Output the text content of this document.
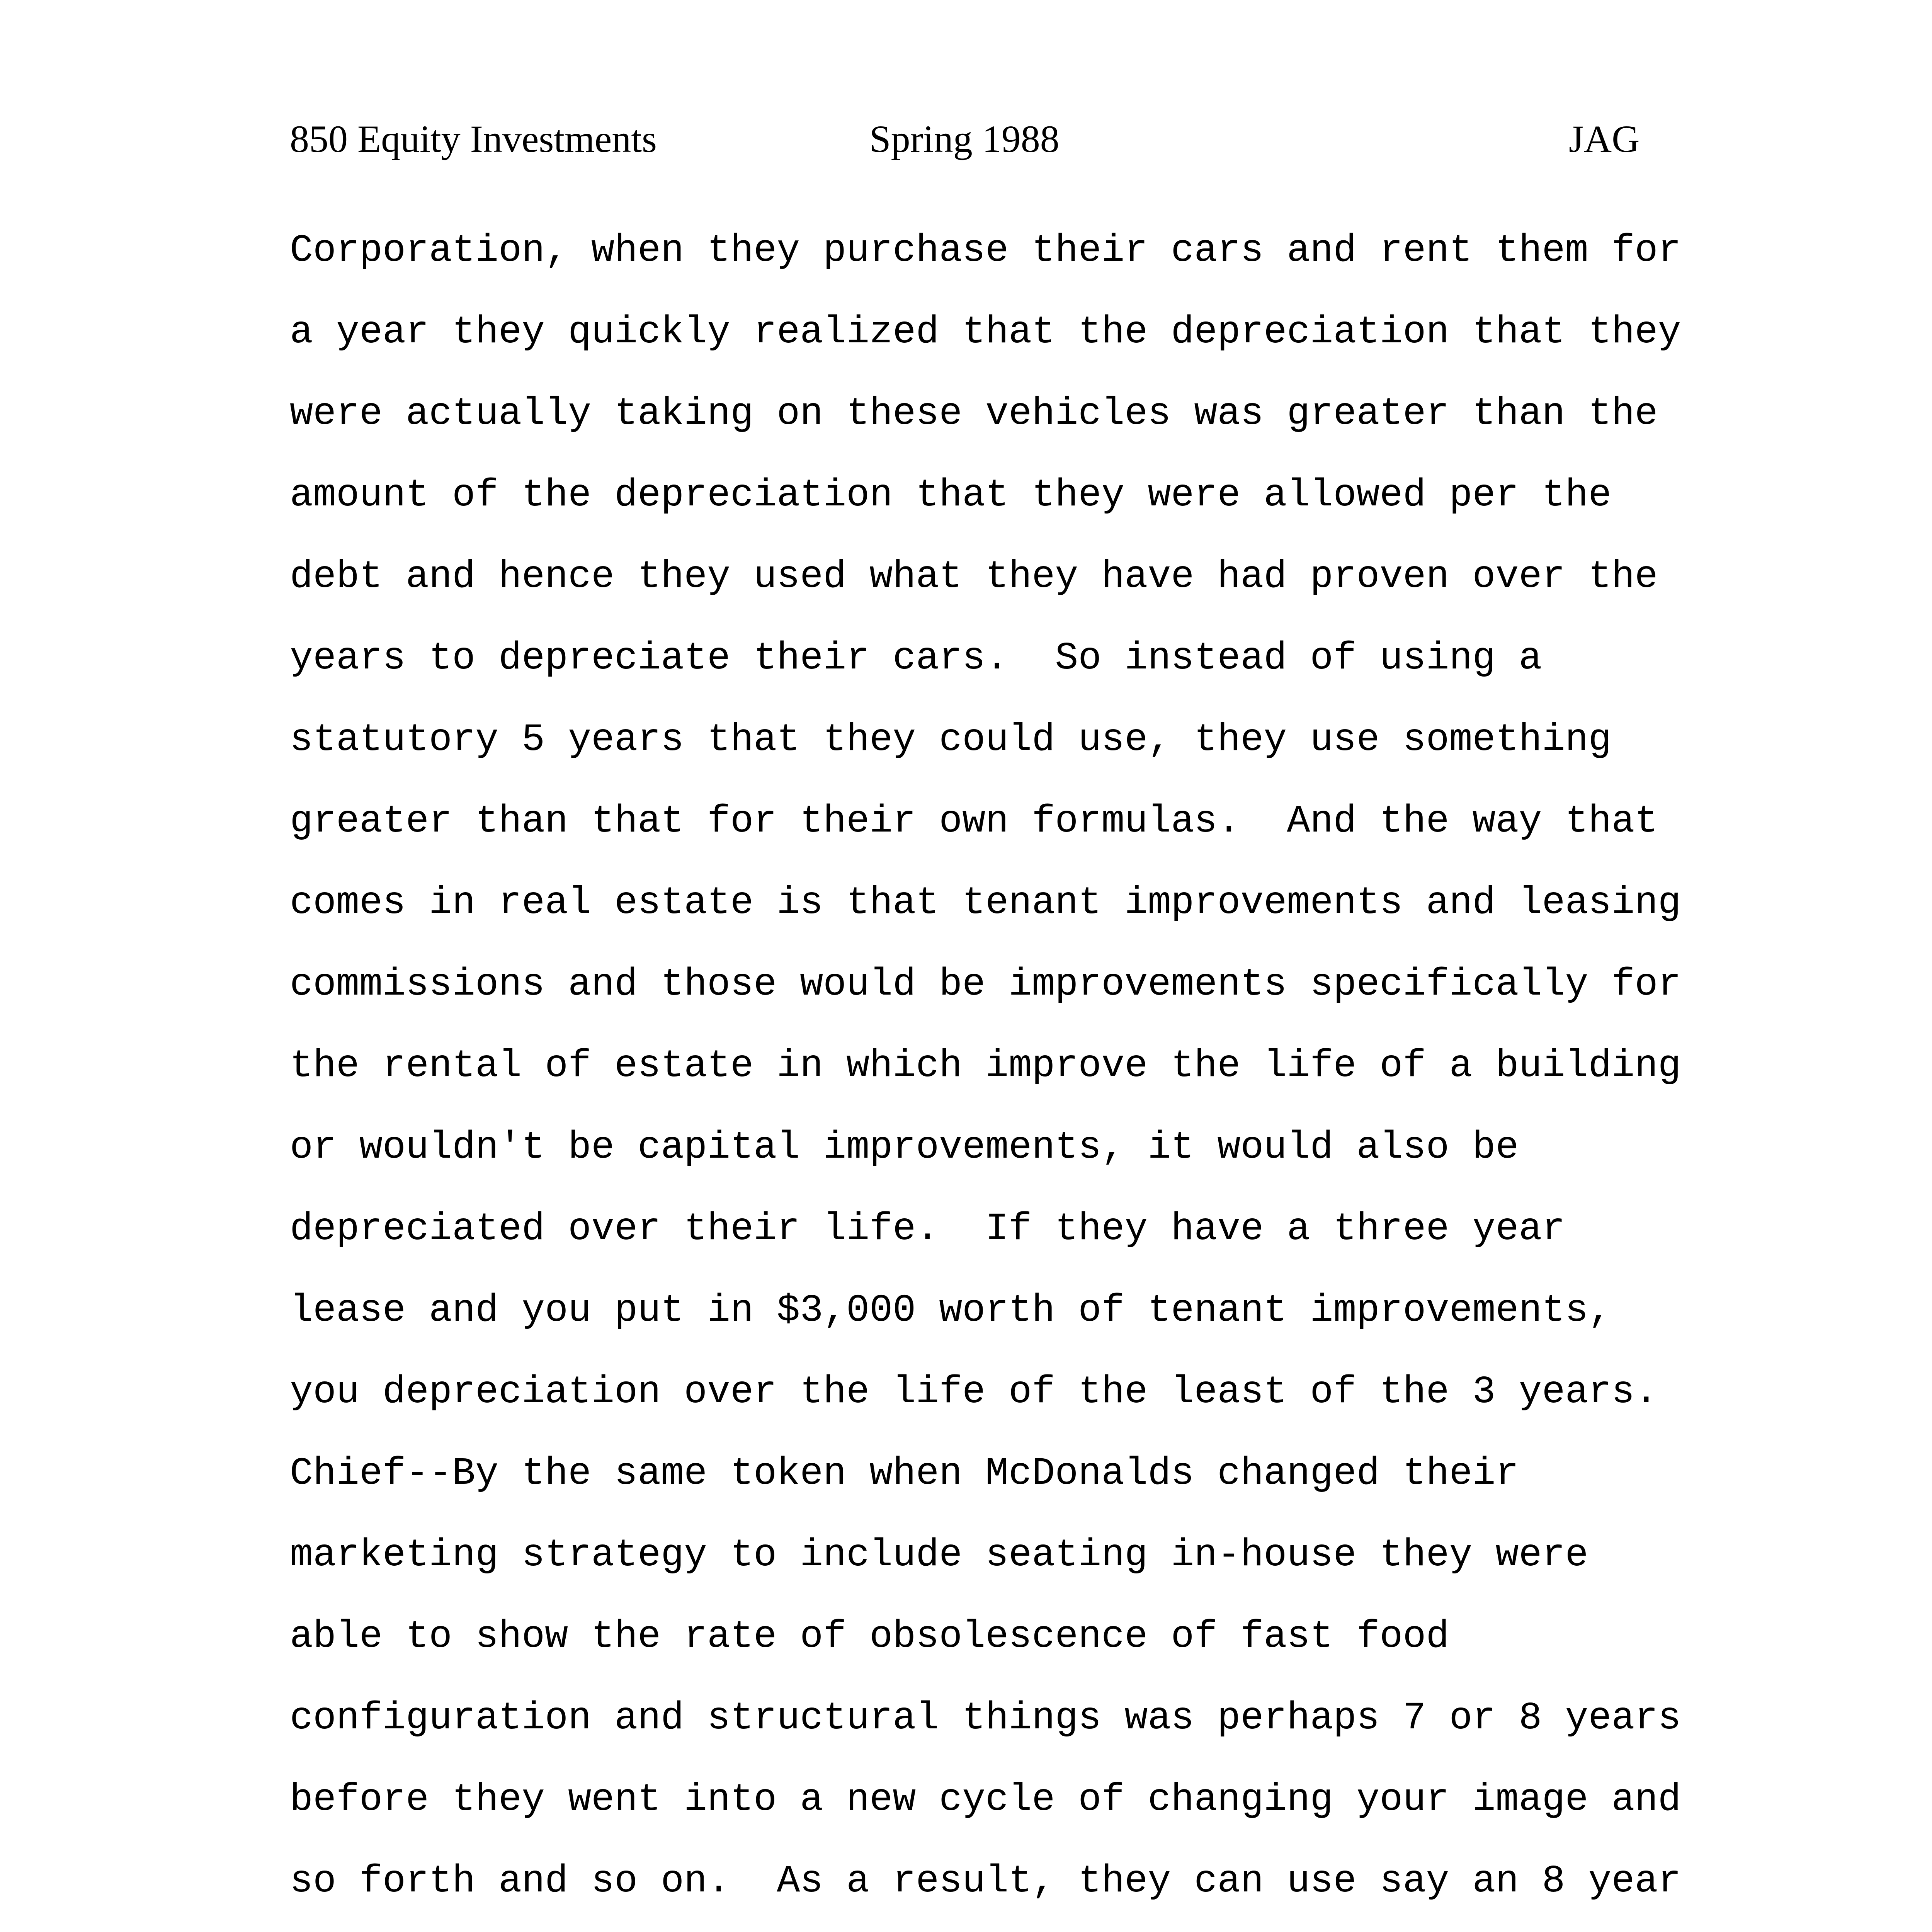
850 Equity Investments	Spring 1988	JAG
Corporation, when they purchase their cars and rent them for
a year they quickly realized that the depreciation that they
were actually taking on these vehicles was greater than the
amount of the depreciation that they were allowed per the
debt and hence they used what they have had proven over the
years to depreciate their cars.  So instead of using a
statutory 5 years that they could use, they use something
greater than that for their own formulas.  And the way that
comes in real estate is that tenant improvements and leasing
commissions and those would be improvements specifically for
the rental of estate in which improve the life of a building
or wouldn't be capital improvements, it would also be
depreciated over their life.  If they have a three year
lease and you put in $3,000 worth of tenant improvements,
you depreciation over the life of the least of the 3 years.
Chief--By the same token when McDonalds changed their
marketing strategy to include seating in-house they were
able to show the rate of obsolescence of fast food
configuration and structural things was perhaps 7 or 8 years
before they went into a new cycle of changing your image and
so forth and so on.  As a result, they can use say an 8 year
